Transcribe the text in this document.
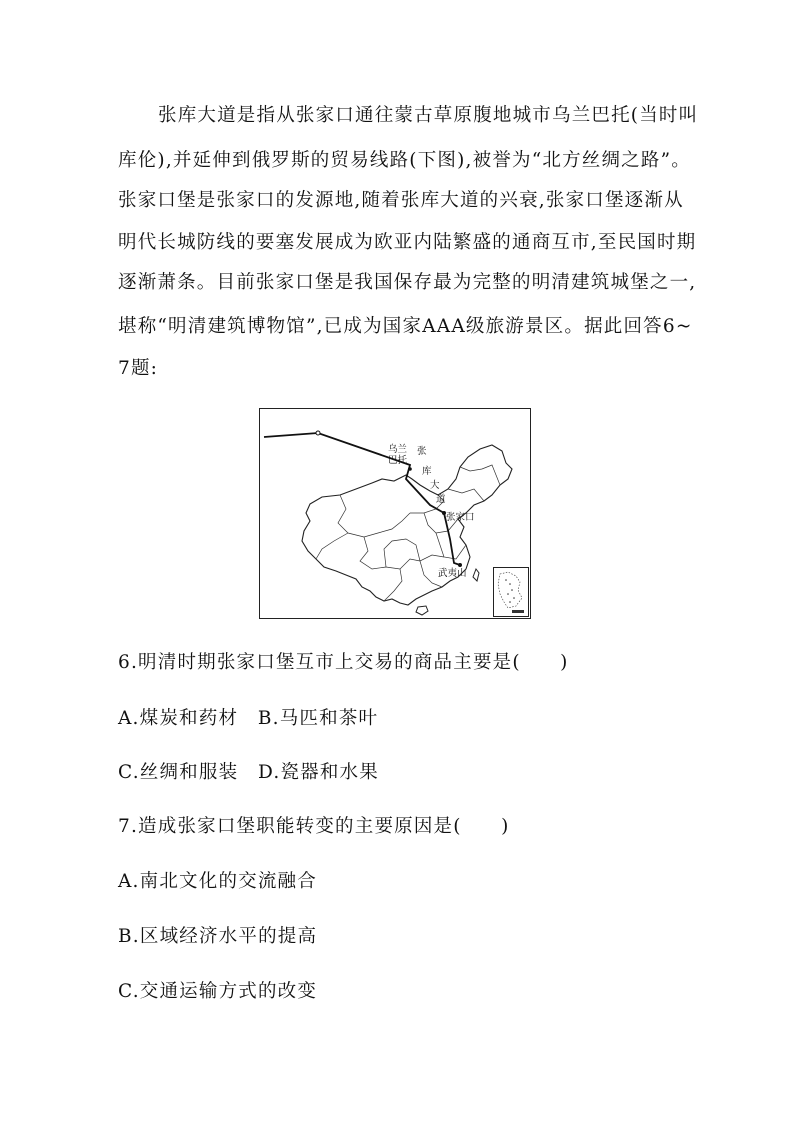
张库大道是指从张家口通往蒙古草原腹地城市乌兰巴托(当时叫
库伦),并延伸到俄罗斯的贸易线路(下图),被誉为“北方丝绸之路”。
张家口堡是张家口的发源地,随着张库大道的兴衰,张家口堡逐渐从
明代长城防线的要塞发展成为欧亚内陆繁盛的通商互市,至民国时期
逐渐萧条。目前张家口堡是我国保存最为完整的明清建筑城堡之一,
堪称“明清建筑博物馆”,已成为国家AAA级旅游景区。据此回答6~
7题:
乌兰
巴托
张
库
大
道
张家口
武夷山
6.明清时期张家口堡互市上交易的商品主要是(　　)
A.煤炭和药材　B.马匹和茶叶
C.丝绸和服装　D.瓷器和水果
7.造成张家口堡职能转变的主要原因是(　　)
A.南北文化的交流融合
B.区域经济水平的提高
C.交通运输方式的改变
